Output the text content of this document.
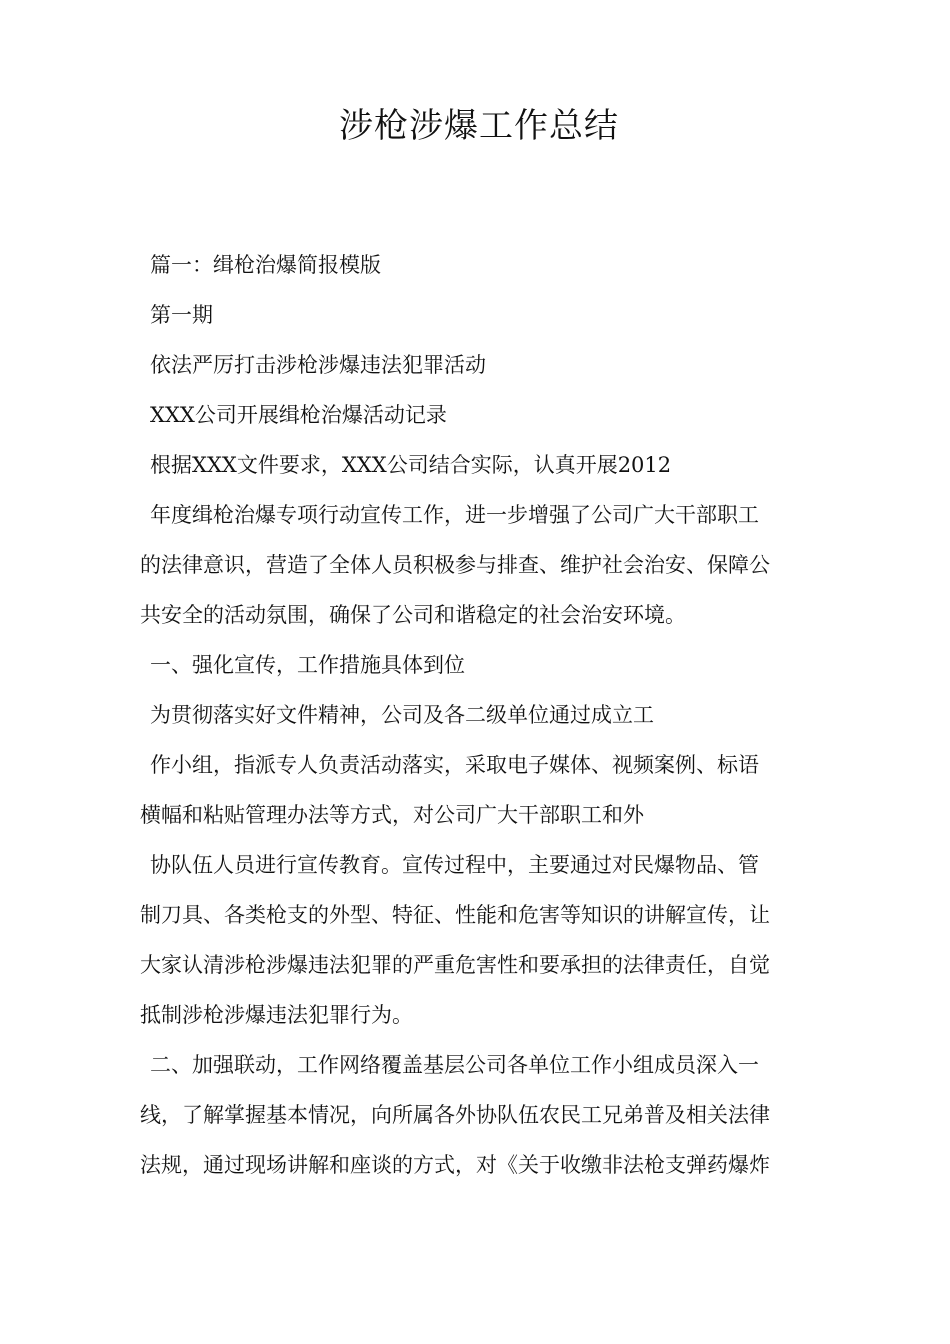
涉枪涉爆工作总结

篇一：缉枪治爆简报模版

第一期

依法严厉打击涉枪涉爆违法犯罪活动

XXX公司开展缉枪治爆活动记录

根据XXX文件要求，XXX公司结合实际，认真开展2012

年度缉枪治爆专项行动宣传工作，进一步增强了公司广大干部职工

的法律意识，营造了全体人员积极参与排查、维护社会治安、保障公

共安全的活动氛围，确保了公司和谐稳定的社会治安环境。

一、强化宣传，工作措施具体到位

为贯彻落实好文件精神，公司及各二级单位通过成立工

作小组，指派专人负责活动落实，采取电子媒体、视频案例、标语

横幅和粘贴管理办法等方式，对公司广大干部职工和外

协队伍人员进行宣传教育。宣传过程中，主要通过对民爆物品、管

制刀具、各类枪支的外型、特征、性能和危害等知识的讲解宣传，让

大家认清涉枪涉爆违法犯罪的严重危害性和要承担的法律责任，自觉

抵制涉枪涉爆违法犯罪行为。

二、加强联动，工作网络覆盖基层公司各单位工作小组成员深入一

线，了解掌握基本情况，向所属各外协队伍农民工兄弟普及相关法律

法规，通过现场讲解和座谈的方式，对《关于收缴非法枪支弹药爆炸
